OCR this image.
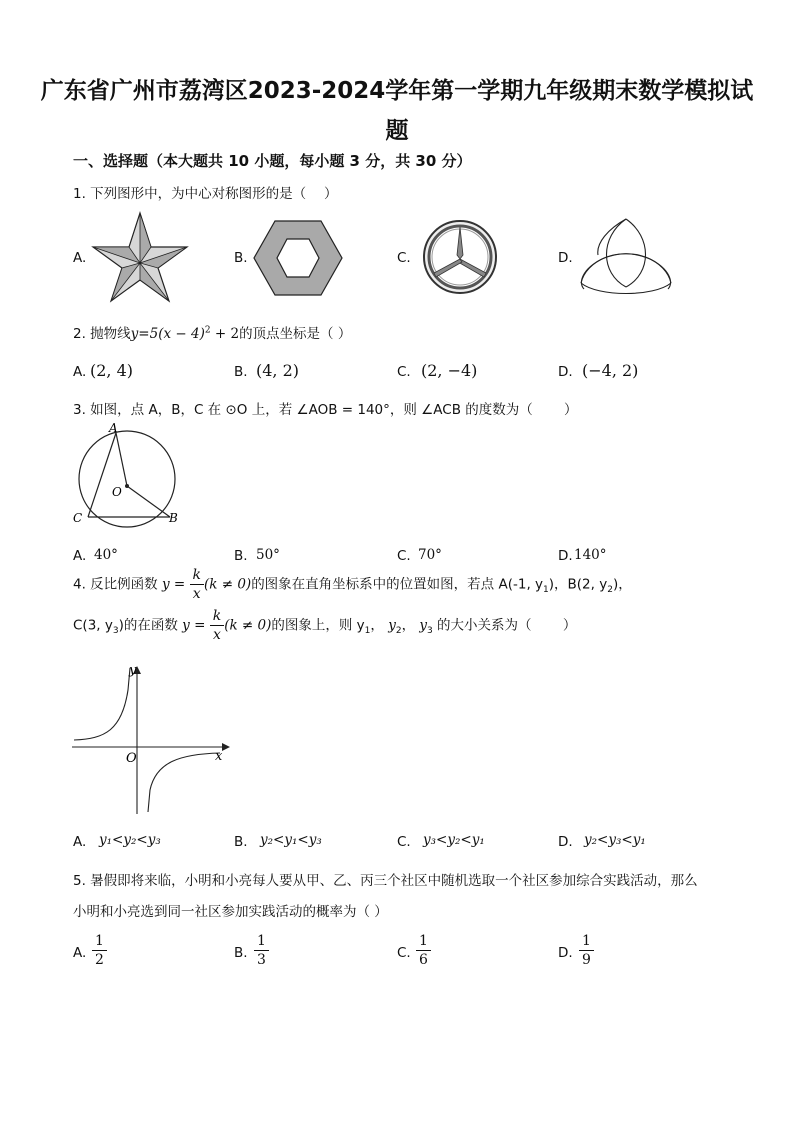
广东省广州市荔湾区2023-2024学年第一学期九年级期末数学模拟试
题
一、选择题（本大题共 10 小题，每小题 3 分，共 30 分）
1. 下列图形中，为中心对称图形的是（　 ）
A.	B.	C.	D.
2. 抛物线$y=5(x - 4)^2 + 2$的顶点坐标是（ ）
A. (2, 4)	B. (4, 2)	C. (2, −4)	D. (−4, 2)
3. 如图，点 A，B，C 在 ⊙O 上，若 ∠AOB = 140°，则 ∠ACB 的度数为（　　 ）
A
O
C	B
A. 40°	B. 50°	C. 70°	D. 140°
4. 反比例函数 $y = \frac{k}{x} (k \ne 0)$的图象在直角坐标系中的位置如图，若点 A(‑1, $y_1$)，B(2, $y_2$)，
C(3, $y_3$)的在函数 $y = \frac{k}{x} (k \ne 0)$的图象上，则 $y_1$， $y_2$， $y_3$ 的大小关系为（　　 ）
y
x
O
A. y₁<y₂<y₃	B. y₂<y₁<y₃	C. y₃<y₂<y₁	D. y₂<y₃<y₁
5. 暑假即将来临，小明和小亮每人要从甲、乙、丙三个社区中随机选取一个社区参加综合实践活动，那么
小明和小亮选到同一社区参加实践活动的概率为（ ）
A. $\frac{1}{2}$	B. $\frac{1}{3}$	C. $\frac{1}{6}$	D. $\frac{1}{9}$
